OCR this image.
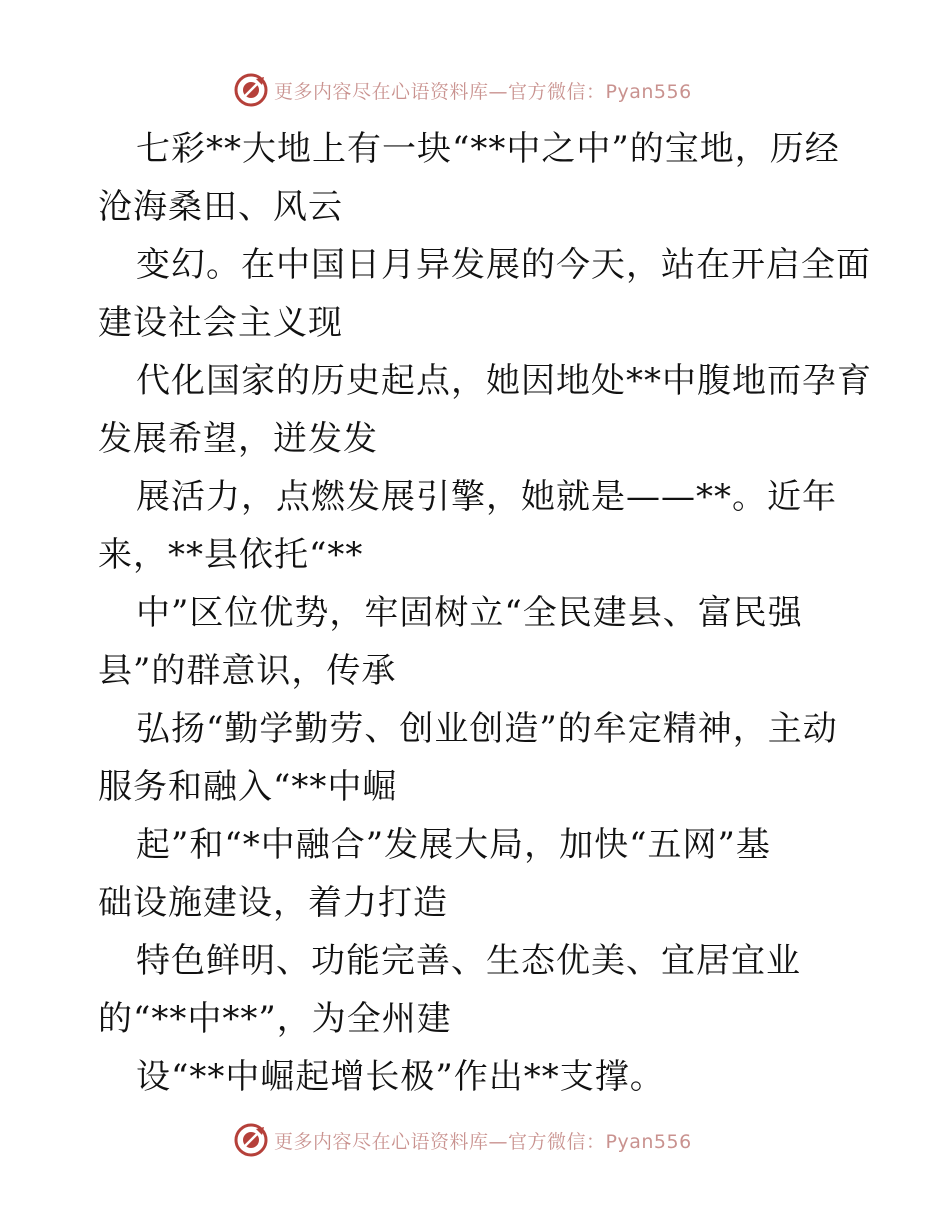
更多内容尽在心语资料库—官方微信：Pyan556
七彩**大地上有一块“**中之中”的宝地，历经
沧海桑田、风云
变幻。在中国日月异发展的今天，站在开启全面
建设社会主义现
代化国家的历史起点，她因地处**中腹地而孕育
发展希望，迸发发
展活力，点燃发展引擎，她就是——**。近年
来，**县依托“**
中”区位优势，牢固树立“全民建县、富民强
县”的群意识，传承
弘扬“勤学勤劳、创业创造”的牟定精神，主动
服务和融入“**中崛
起”和“*中融合”发展大局，加快“五网”基
础设施建设，着力打造
特色鲜明、功能完善、生态优美、宜居宜业
的“**中**”，为全州建
设“**中崛起增长极”作出**支撑。
更多内容尽在心语资料库—官方微信：Pyan556
